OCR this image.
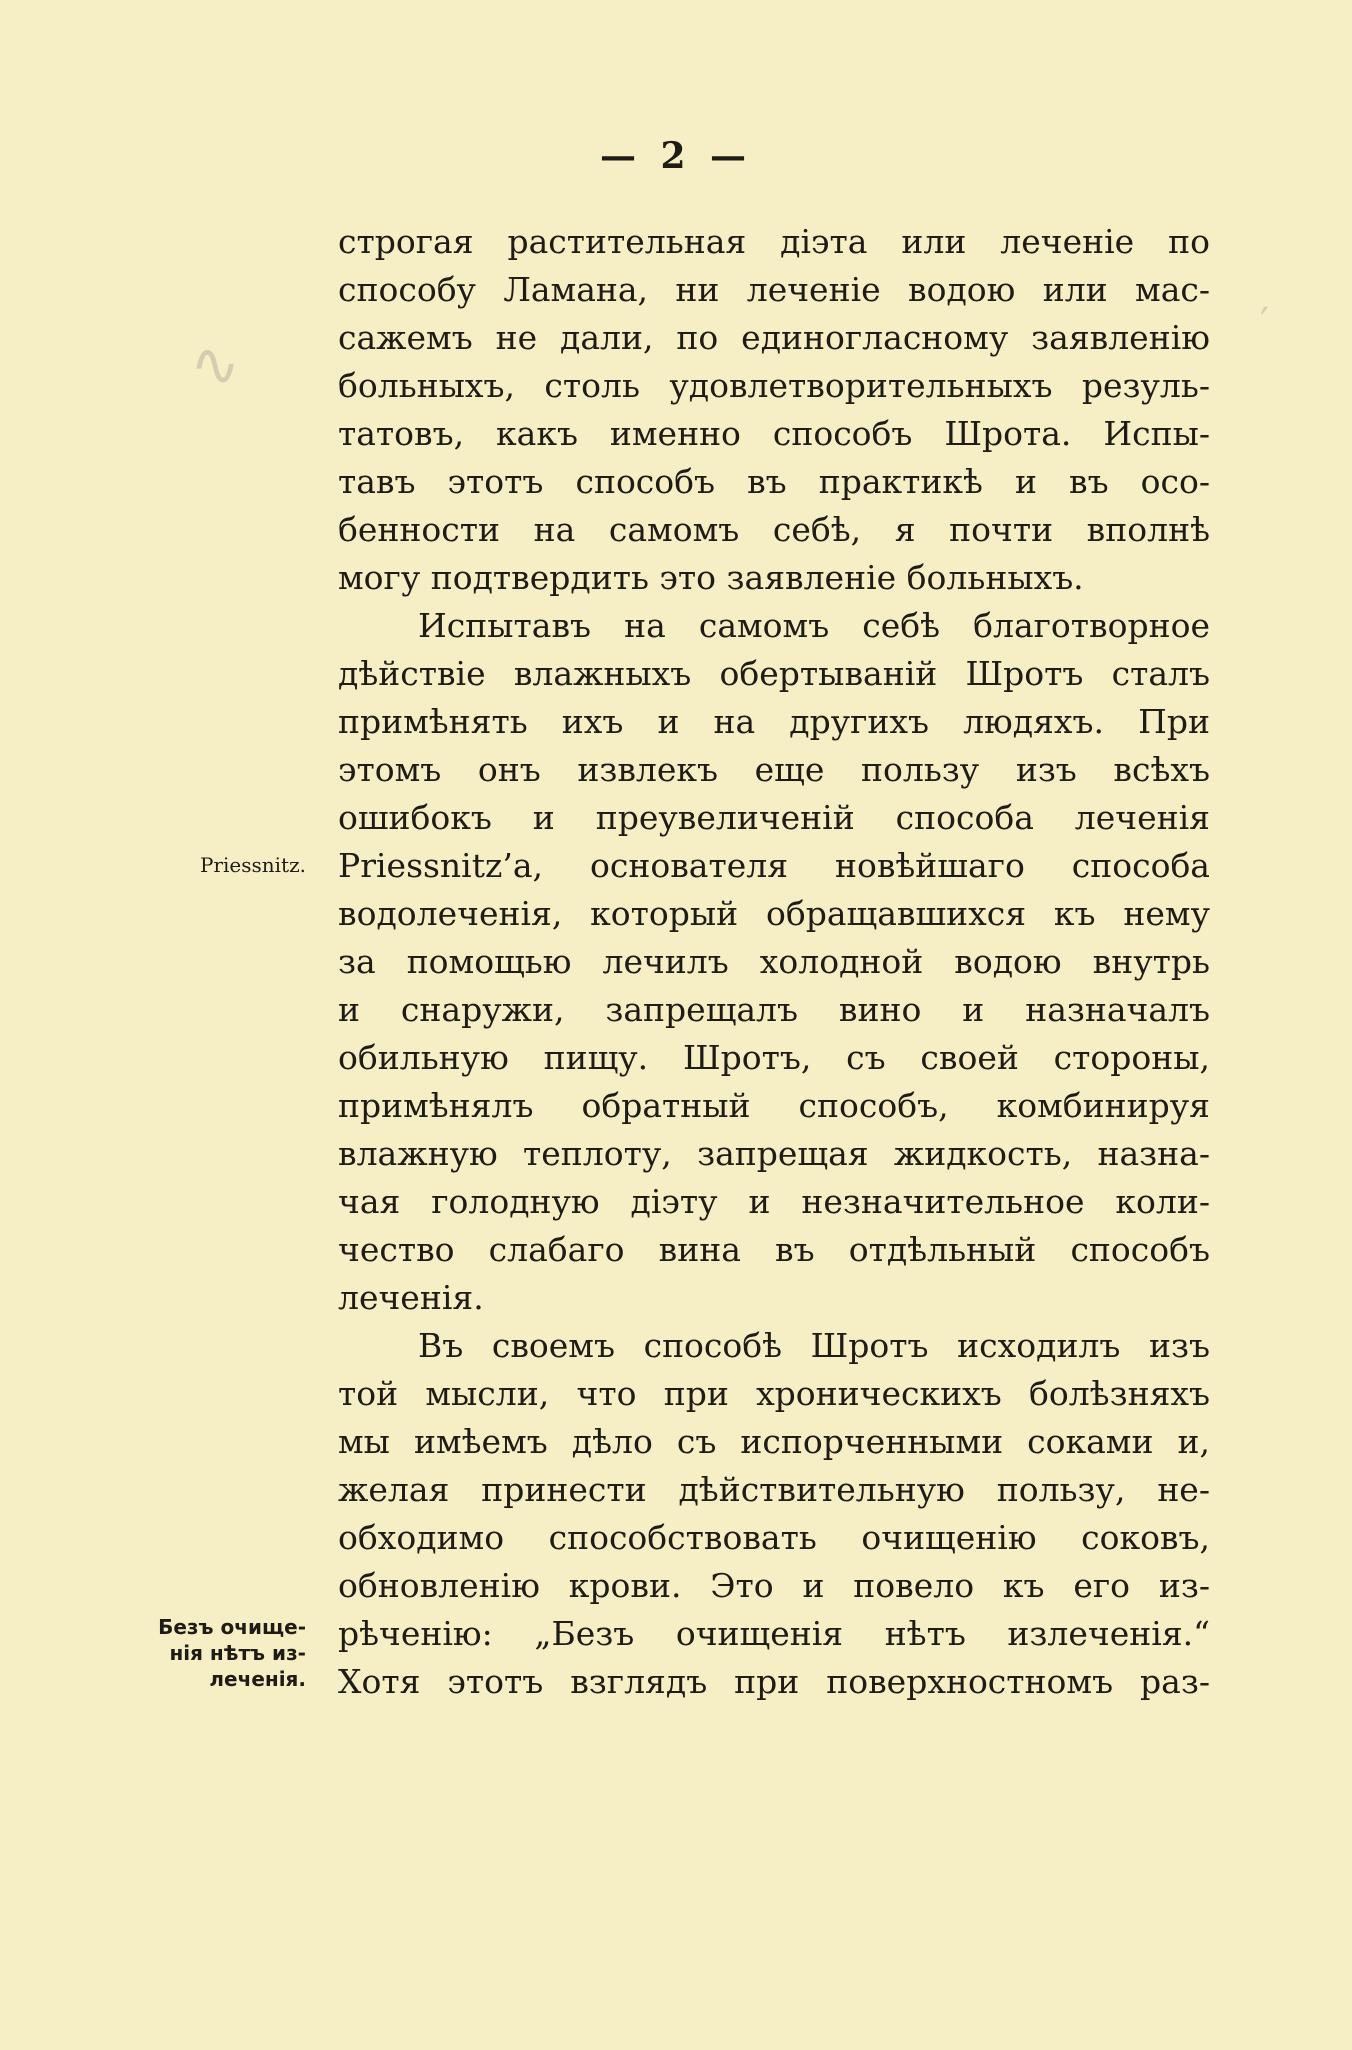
∿
′
— 2 —
строгая растительная діэта или леченіе по
способу Ламана, ни леченіе водою или мас-
сажемъ не дали, по единогласному заявленію
больныхъ, столь удовлетворительныхъ резуль-
татовъ, какъ именно способъ Шрота. Испы-
тавъ этотъ способъ въ практикѣ и въ осо-
бенности на самомъ себѣ, я почти вполнѣ
могу подтвердить это заявленіе больныхъ.
Испытавъ на самомъ себѣ благотворное
дѣйствіе влажныхъ обертываній Шротъ сталъ
примѣнять ихъ и на другихъ людяхъ. При
этомъ онъ извлекъ еще пользу изъ всѣхъ
ошибокъ и преувеличеній способа леченія
Priessnitz’а, основателя новѣйшаго способа
водолеченія, который обращавшихся къ нему
за помощью лечилъ холодной водою внутрь
и снаружи, запрещалъ вино и назначалъ
обильную пищу. Шротъ, съ своей стороны,
примѣнялъ обратный способъ, комбинируя
влажную теплоту, запрещая жидкость, назна-
чая голодную діэту и незначительное коли-
чество слабаго вина въ отдѣльный способъ
леченія.
Въ своемъ способѣ Шротъ исходилъ изъ
той мысли, что при хроническихъ болѣзняхъ
мы имѣемъ дѣло съ испорченными соками и,
желая принести дѣйствительную пользу, не-
обходимо способствовать очищенію соковъ,
обновленію крови. Это и повело къ его из-
рѣченію: „Безъ очищенія нѣтъ излеченія.“
Хотя этотъ взглядъ при поверхностномъ раз-
Priessnitz.
Безъ очище-
нія нѣтъ из-
леченія.
